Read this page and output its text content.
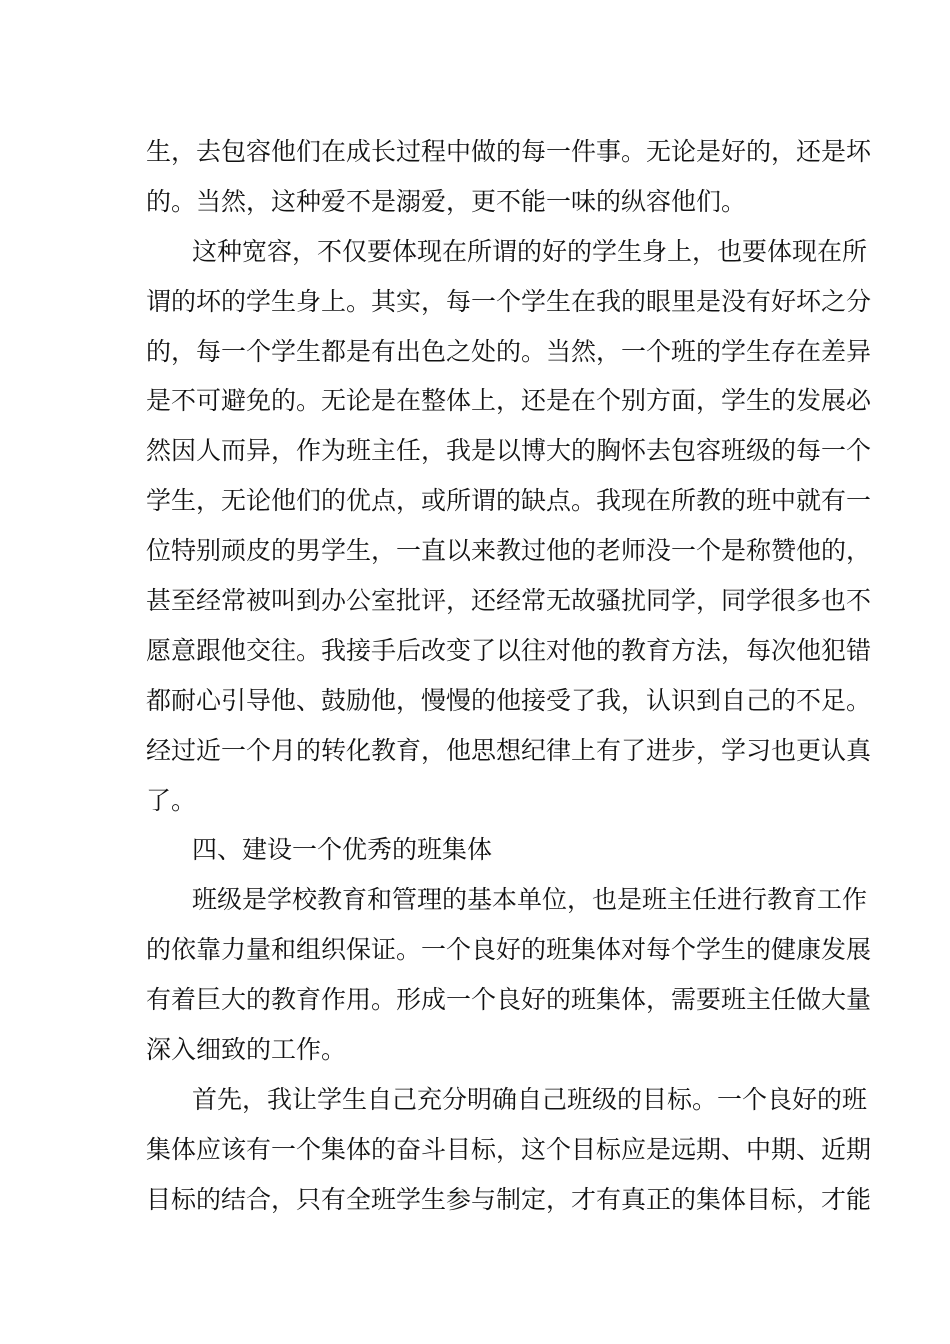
生，去包容他们在成长过程中做的每一件事。无论是好的，还是坏
的。当然，这种爱不是溺爱，更不能一味的纵容他们。
这种宽容，不仅要体现在所谓的好的学生身上，也要体现在所
谓的坏的学生身上。其实，每一个学生在我的眼里是没有好坏之分
的，每一个学生都是有出色之处的。当然，一个班的学生存在差异
是不可避免的。无论是在整体上，还是在个别方面，学生的发展必
然因人而异，作为班主任，我是以博大的胸怀去包容班级的每一个
学生，无论他们的优点，或所谓的缺点。我现在所教的班中就有一
位特别顽皮的男学生，一直以来教过他的老师没一个是称赞他的，
甚至经常被叫到办公室批评，还经常无故骚扰同学，同学很多也不
愿意跟他交往。我接手后改变了以往对他的教育方法，每次他犯错
都耐心引导他、鼓励他，慢慢的他接受了我，认识到自己的不足。
经过近一个月的转化教育，他思想纪律上有了进步，学习也更认真
了。
四、建设一个优秀的班集体
班级是学校教育和管理的基本单位，也是班主任进行教育工作
的依靠力量和组织保证。一个良好的班集体对每个学生的健康发展
有着巨大的教育作用。形成一个良好的班集体，需要班主任做大量
深入细致的工作。
首先，我让学生自己充分明确自己班级的目标。一个良好的班
集体应该有一个集体的奋斗目标，这个目标应是远期、中期、近期
目标的结合，只有全班学生参与制定，才有真正的集体目标，才能
